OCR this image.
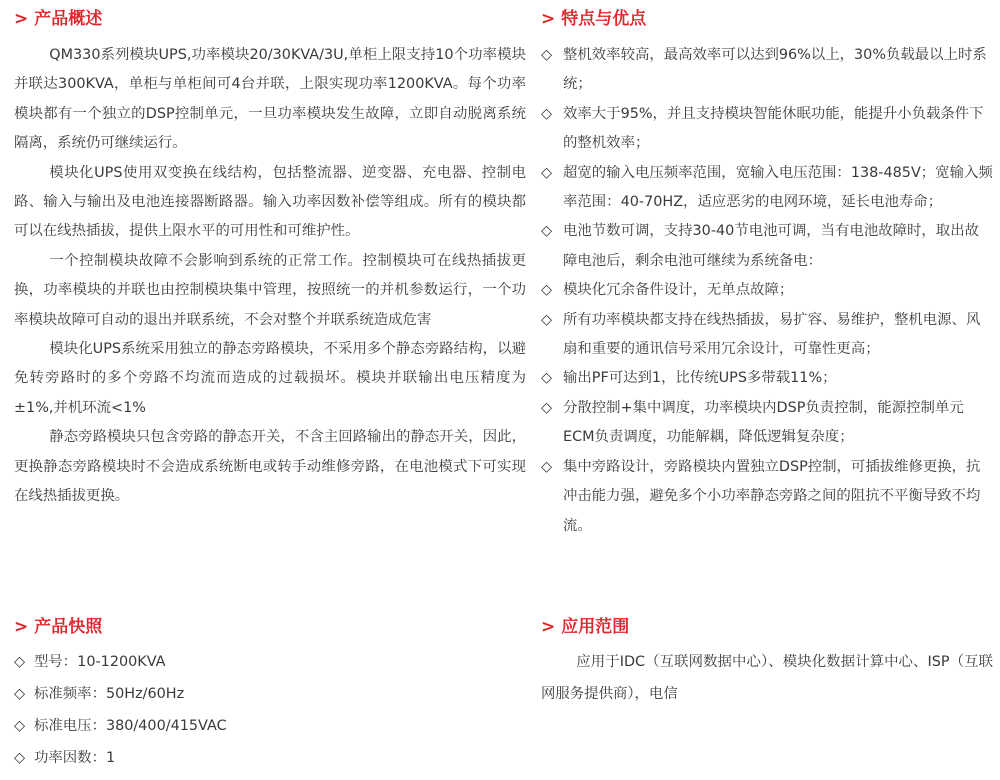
> 产品概述

QM330系列模块UPS,功率模块20/30KVA/3U,单柜上限支持10个功率模块并联达300KVA，单柜与单柜间可4台并联，上限实现功率1200KVA。每个功率模块都有一个独立的DSP控制单元，一旦功率模块发生故障，立即自动脱离系统隔离，系统仍可继续运行。

模块化UPS使用双变换在线结构，包括整流器、逆变器、充电器、控制电路、输入与输出及电池连接器断路器。输入功率因数补偿等组成。所有的模块都可以在线热插拔，提供上限水平的可用性和可维护性。

一个控制模块故障不会影响到系统的正常工作。控制模块可在线热插拔更换，功率模块的并联也由控制模块集中管理，按照统一的并机参数运行，一个功率模块故障可自动的退出并联系统，不会对整个并联系统造成危害

模块化UPS系统采用独立的静态旁路模块，不采用多个静态旁路结构，以避免转旁路时的多个旁路不均流而造成的过载损坏。模块并联输出电压精度为±1%,并机环流<1%

静态旁路模块只包含旁路的静态开关，不含主回路输出的静态开关，因此，更换静态旁路模块时不会造成系统断电或转手动维修旁路，在电池模式下可实现在线热插拔更换。

> 特点与优点
◇ 整机效率较高，最高效率可以达到96%以上，30%负载最以上时系统；
◇ 效率大于95%，并且支持模块智能休眠功能，能提升小负载条件下的整机效率；
◇ 超宽的输入电压频率范围，宽输入电压范围：138-485V；宽输入频率范围：40-70HZ，适应恶劣的电网环境，延长电池寿命；
◇ 电池节数可调，支持30-40节电池可调，当有电池故障时，取出故障电池后，剩余电池可继续为系统备电：
◇ 模块化冗余备件设计，无单点故障；
◇ 所有功率模块都支持在线热插拔，易扩容、易维护，整机电源、风扇和重要的通讯信号采用冗余设计，可靠性更高；
◇ 输出PF可达到1，比传统UPS多带载11%；
◇ 分散控制+集中调度，功率模块内DSP负责控制，能源控制单元ECM负责调度，功能解耦，降低逻辑复杂度；
◇ 集中旁路设计，旁路模块内置独立DSP控制，可插拔维修更换，抗冲击能力强，避免多个小功率静态旁路之间的阻抗不平衡导致不均流。
> 产品快照
◇ 型号：10-1200KVA
◇ 标准频率：50Hz/60Hz
◇ 标准电压：380/400/415VAC
◇ 功率因数：1
> 应用范围

应用于IDC（互联网数据中心）、模块化数据计算中心、ISP（互联网服务提供商），电信
